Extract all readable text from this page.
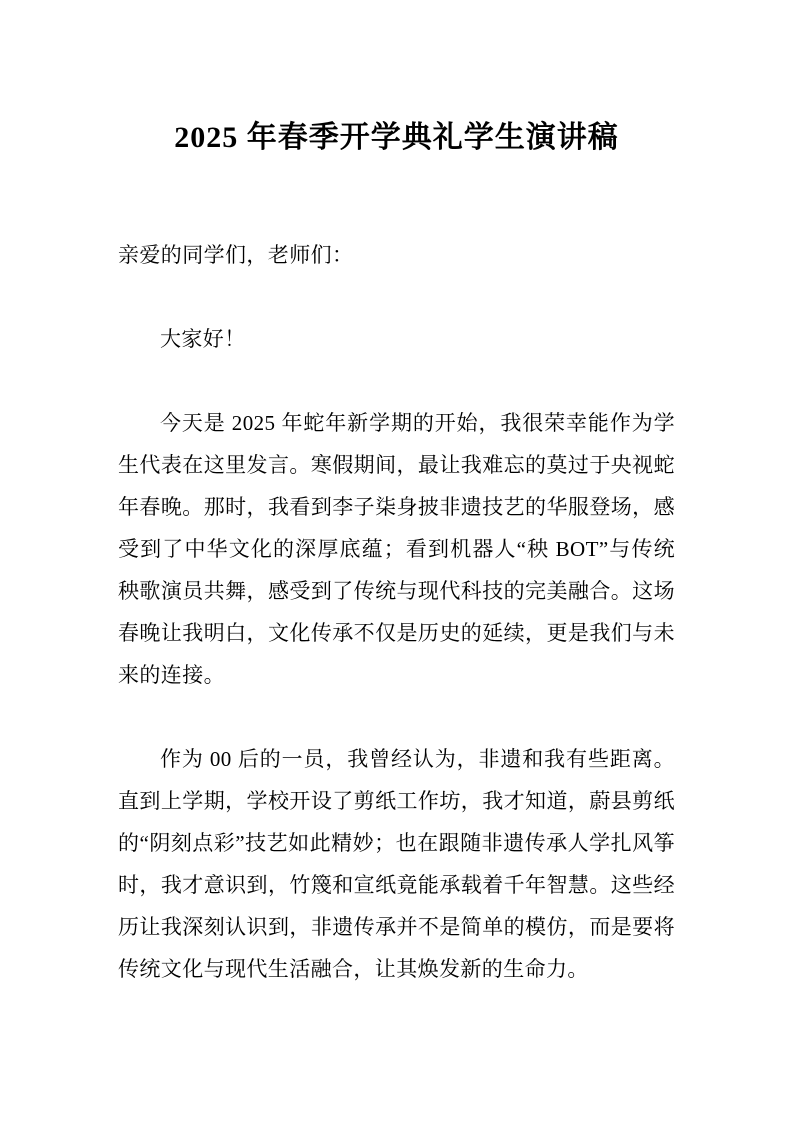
2025 年春季开学典礼学生演讲稿

亲爱的同学们，老师们：

大家好！

今天是 2025 年蛇年新学期的开始，我很荣幸能作为学生代表在这里发言。寒假期间，最让我难忘的莫过于央视蛇年春晚。那时，我看到李子柒身披非遗技艺的华服登场，感受到了中华文化的深厚底蕴；看到机器人“秧 BOT”与传统秧歌演员共舞，感受到了传统与现代科技的完美融合。这场春晚让我明白，文化传承不仅是历史的延续，更是我们与未来的连接。

作为 00 后的一员，我曾经认为，非遗和我有些距离。直到上学期，学校开设了剪纸工作坊，我才知道，蔚县剪纸的“阴刻点彩”技艺如此精妙；也在跟随非遗传承人学扎风筝时，我才意识到，竹篾和宣纸竟能承载着千年智慧。这些经历让我深刻认识到，非遗传承并不是简单的模仿，而是要将传统文化与现代生活融合，让其焕发新的生命力。
